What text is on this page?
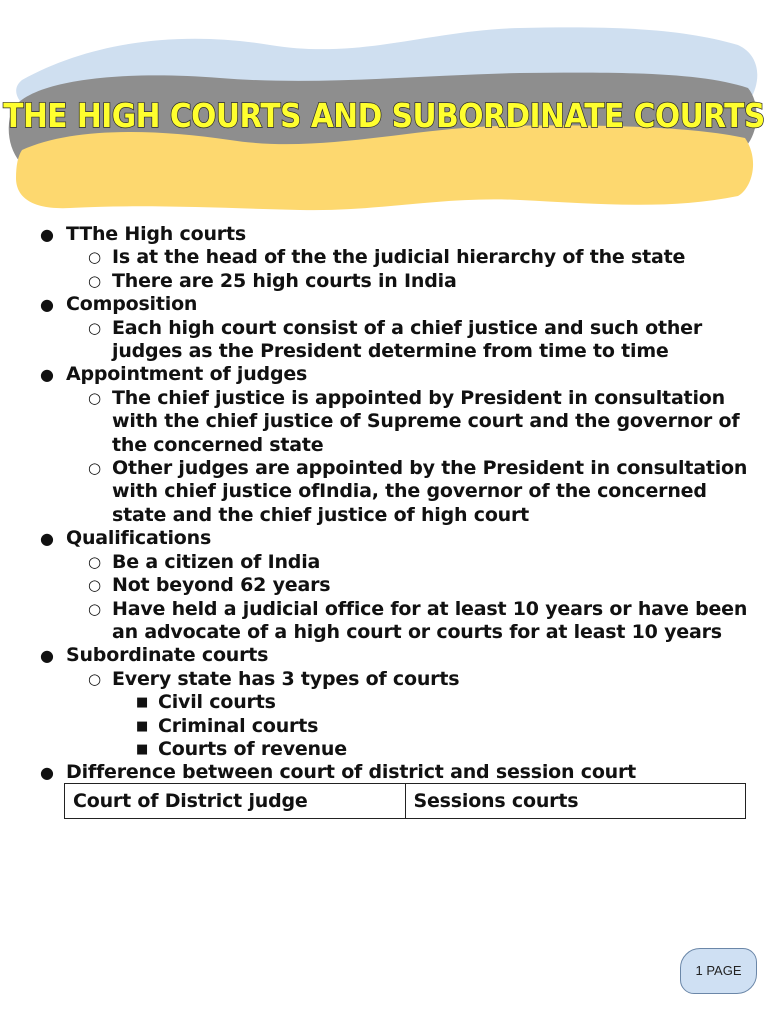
THE HIGH COURTS AND SUBORDINATE COURTS
● TThe High courts
○ Is at the head of the the judicial hierarchy of the state
○ There are 25 high courts in India
● Composition
○ Each high court consist of a chief justice and such other judges as the President determine from time to time
● Appointment of judges
○ The chief justice is appointed by President in consultation with the chief justice of Supreme court and the governor of the concerned state
○ Other judges are appointed by the President in consultation with chief justice ofIndia, the governor of the concerned state and the chief justice of high court
● Qualifications
○ Be a citizen of India
○ Not beyond 62 years
○ Have held a judicial office for at least 10 years or have been an advocate of a high court or courts for at least 10 years
● Subordinate courts
○ Every state has 3 types of courts
■ Civil courts
■ Criminal courts
■ Courts of revenue
● Difference between court of district and session court
Court of District judge	Sessions courts
1 PAGE
